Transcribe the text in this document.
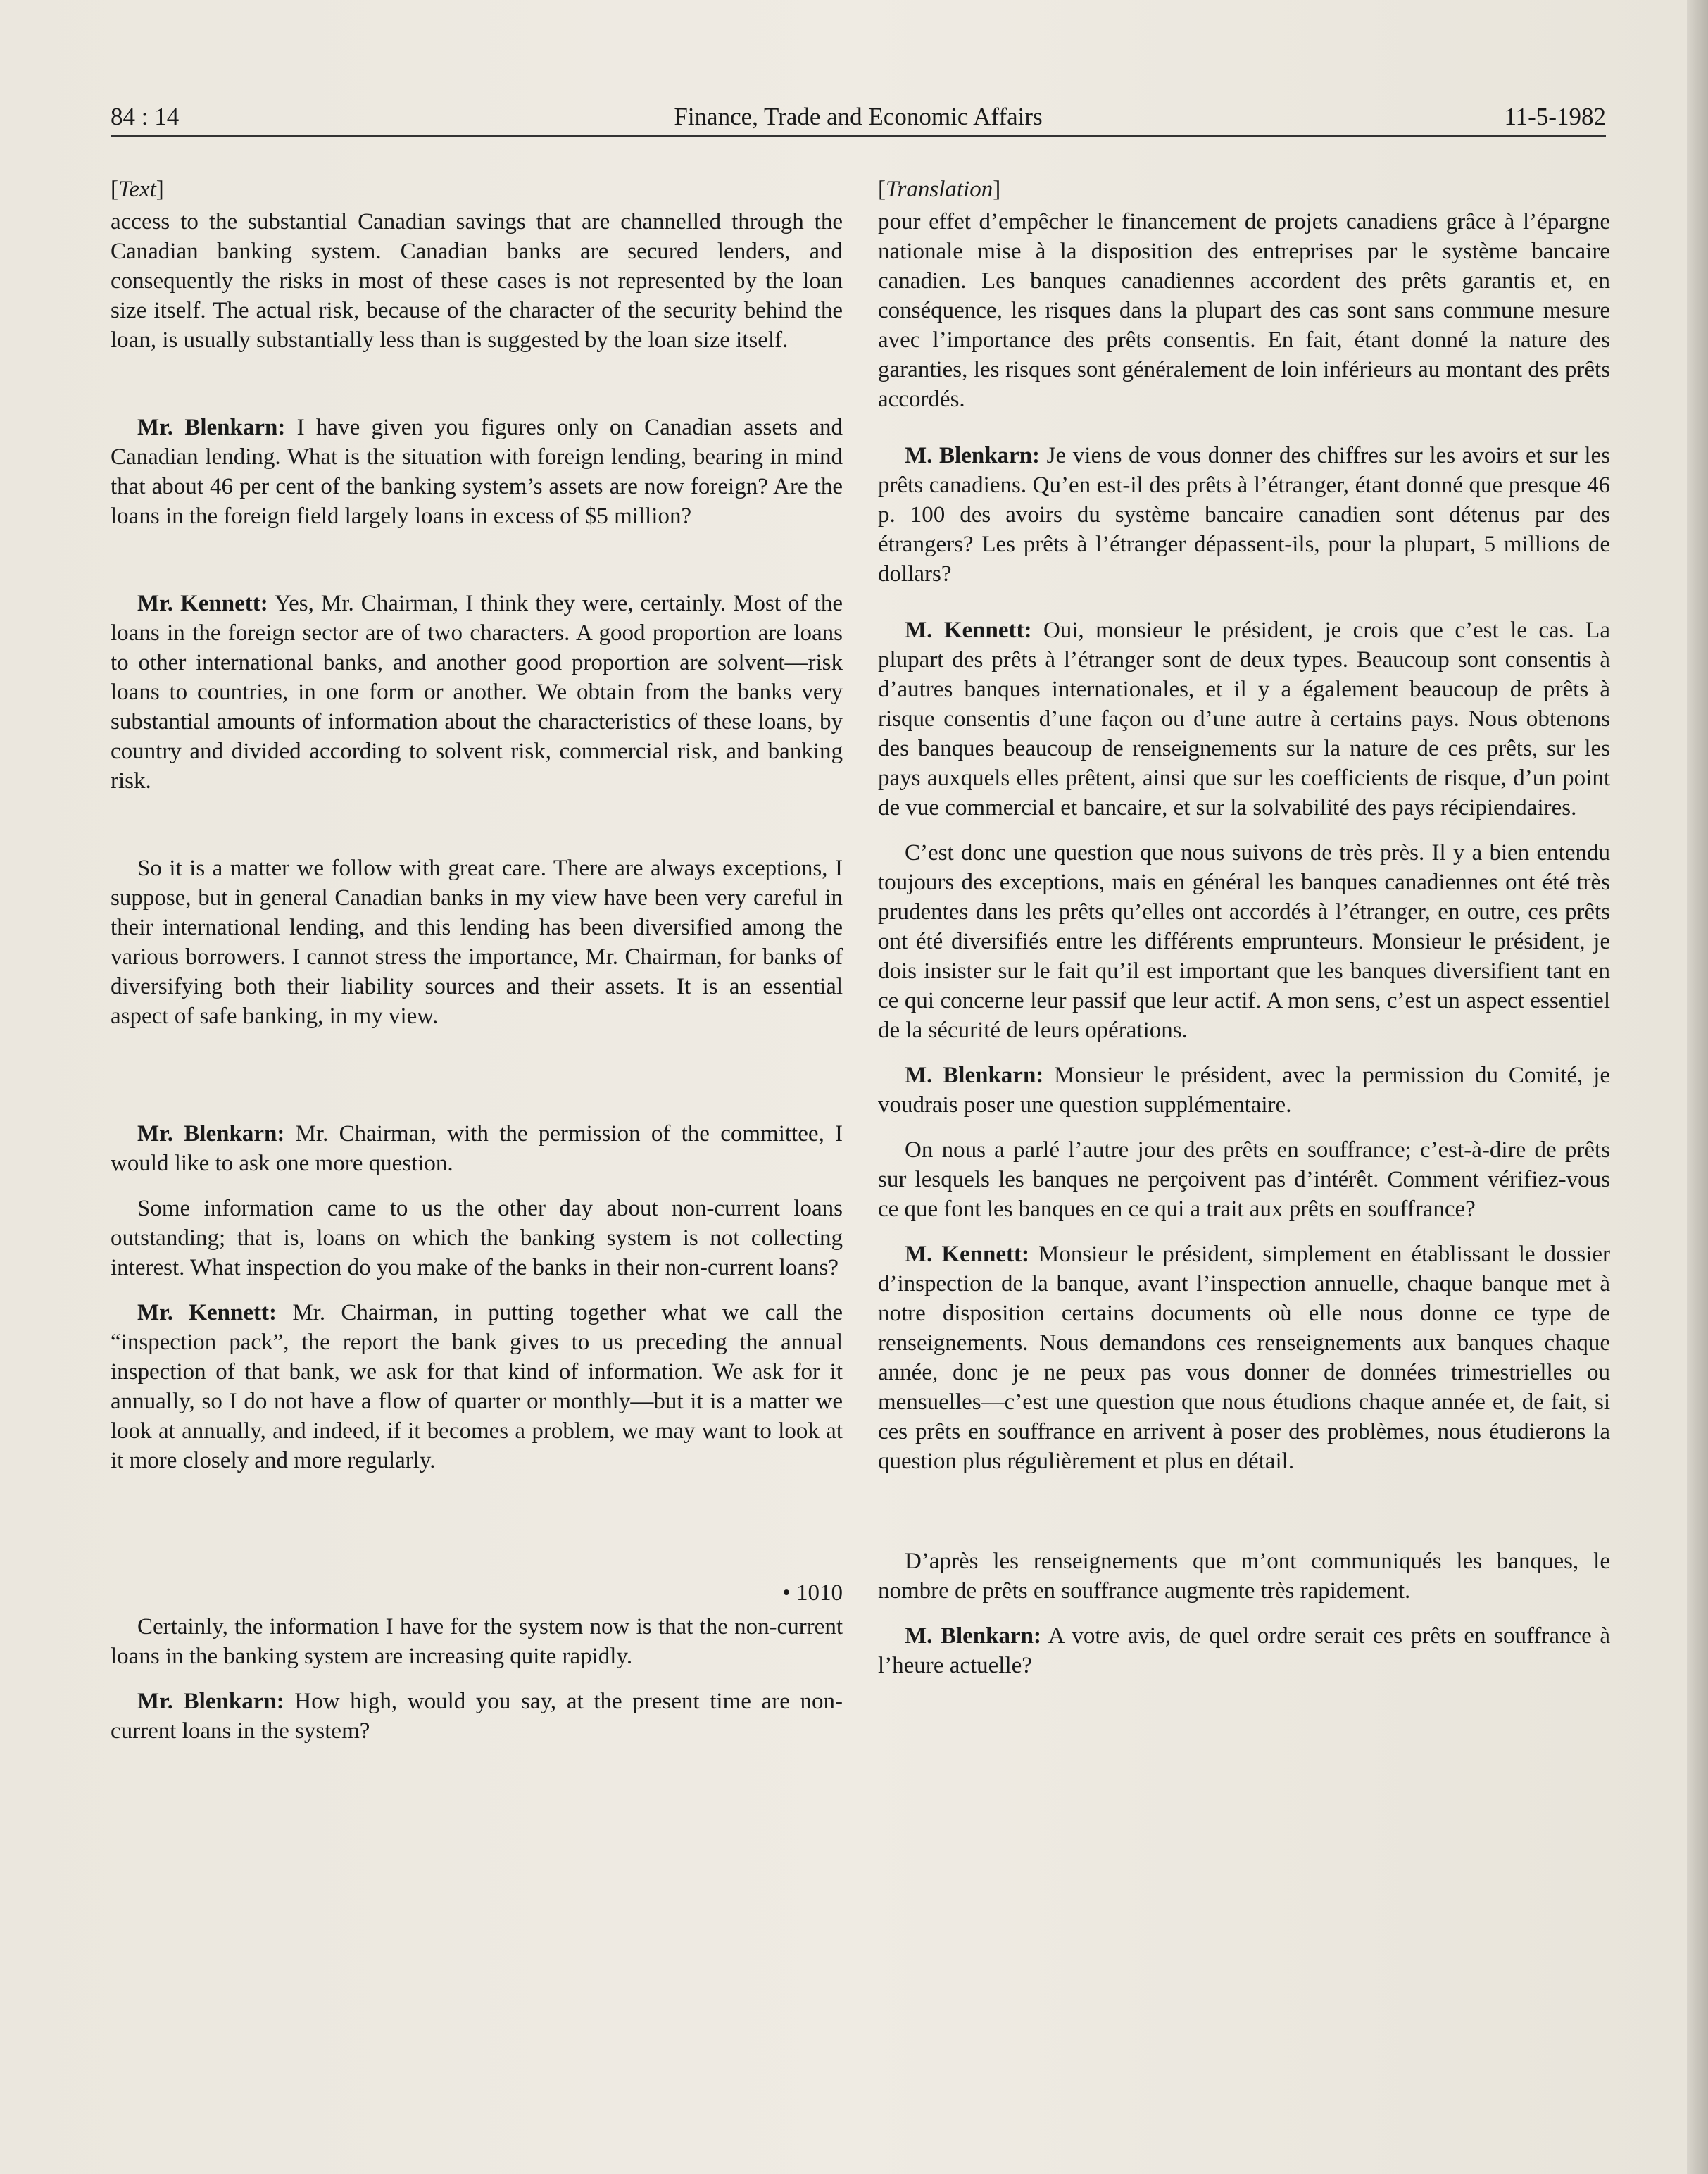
84 : 14	Finance, Trade and Economic Affairs	11-5-1982
[Text]

access to the substantial Canadian savings that are channelled through the Canadian banking system. Canadian banks are secured lenders, and consequently the risks in most of these cases is not represented by the loan size itself. The actual risk, because of the character of the security behind the loan, is usually substantially less than is suggested by the loan size itself.

Mr. Blenkarn: I have given you figures only on Canadian assets and Canadian lending. What is the situation with foreign lending, bearing in mind that about 46 per cent of the banking system’s assets are now foreign? Are the loans in the foreign field largely loans in excess of $5 million?

Mr. Kennett: Yes, Mr. Chairman, I think they were, certainly. Most of the loans in the foreign sector are of two characters. A good proportion are loans to other international banks, and another good proportion are solvent—risk loans to countries, in one form or another. We obtain from the banks very substantial amounts of information about the characteristics of these loans, by country and divided according to solvent risk, commercial risk, and banking risk.

So it is a matter we follow with great care. There are always exceptions, I suppose, but in general Canadian banks in my view have been very careful in their international lending, and this lending has been diversified among the various borrowers. I cannot stress the importance, Mr. Chairman, for banks of diversifying both their liability sources and their assets. It is an essential aspect of safe banking, in my view.

Mr. Blenkarn: Mr. Chairman, with the permission of the committee, I would like to ask one more question.

Some information came to us the other day about non-current loans outstanding; that is, loans on which the banking system is not collecting interest. What inspection do you make of the banks in their non-current loans?

Mr. Kennett: Mr. Chairman, in putting together what we call the “inspection pack”, the report the bank gives to us preceding the annual inspection of that bank, we ask for that kind of information. We ask for it annually, so I do not have a flow of quarter or monthly—but it is a matter we look at annually, and indeed, if it becomes a problem, we may want to look at it more closely and more regularly.

• 1010

Certainly, the information I have for the system now is that the non-current loans in the banking system are increasing quite rapidly.

Mr. Blenkarn: How high, would you say, at the present time are non-current loans in the system?

[Translation]

pour effet d’empêcher le financement de projets canadiens grâce à l’épargne nationale mise à la disposition des entreprises par le système bancaire canadien. Les banques canadiennes accordent des prêts garantis et, en conséquence, les risques dans la plupart des cas sont sans commune mesure avec l’importance des prêts consentis. En fait, étant donné la nature des garanties, les risques sont généralement de loin inférieurs au montant des prêts accordés.

M. Blenkarn: Je viens de vous donner des chiffres sur les avoirs et sur les prêts canadiens. Qu’en est-il des prêts à l’étranger, étant donné que presque 46 p. 100 des avoirs du système bancaire canadien sont détenus par des étrangers? Les prêts à l’étranger dépassent-ils, pour la plupart, 5 millions de dollars?

M. Kennett: Oui, monsieur le président, je crois que c’est le cas. La plupart des prêts à l’étranger sont de deux types. Beaucoup sont consentis à d’autres banques internationales, et il y a également beaucoup de prêts à risque consentis d’une façon ou d’une autre à certains pays. Nous obtenons des banques beaucoup de renseignements sur la nature de ces prêts, sur les pays auxquels elles prêtent, ainsi que sur les coefficients de risque, d’un point de vue commercial et bancaire, et sur la solvabilité des pays récipiendaires.

C’est donc une question que nous suivons de très près. Il y a bien entendu toujours des exceptions, mais en général les banques canadiennes ont été très prudentes dans les prêts qu’elles ont accordés à l’étranger, en outre, ces prêts ont été diversifiés entre les différents emprunteurs. Monsieur le président, je dois insister sur le fait qu’il est important que les banques diversifient tant en ce qui concerne leur passif que leur actif. A mon sens, c’est un aspect essentiel de la sécurité de leurs opérations.

M. Blenkarn: Monsieur le président, avec la permission du Comité, je voudrais poser une question supplémentaire.

On nous a parlé l’autre jour des prêts en souffrance; c’est-à-dire de prêts sur lesquels les banques ne perçoivent pas d’intérêt. Comment vérifiez-vous ce que font les banques en ce qui a trait aux prêts en souffrance?

M. Kennett: Monsieur le président, simplement en établissant le dossier d’inspection de la banque, avant l’inspection annuelle, chaque banque met à notre disposition certains documents où elle nous donne ce type de renseignements. Nous demandons ces renseignements aux banques chaque année, donc je ne peux pas vous donner de données trimestrielles ou mensuelles—c’est une question que nous étudions chaque année et, de fait, si ces prêts en souffrance en arrivent à poser des problèmes, nous étudierons la question plus régulièrement et plus en détail.

D’après les renseignements que m’ont communiqués les banques, le nombre de prêts en souffrance augmente très rapidement.

M. Blenkarn: A votre avis, de quel ordre serait ces prêts en souffrance à l’heure actuelle?
